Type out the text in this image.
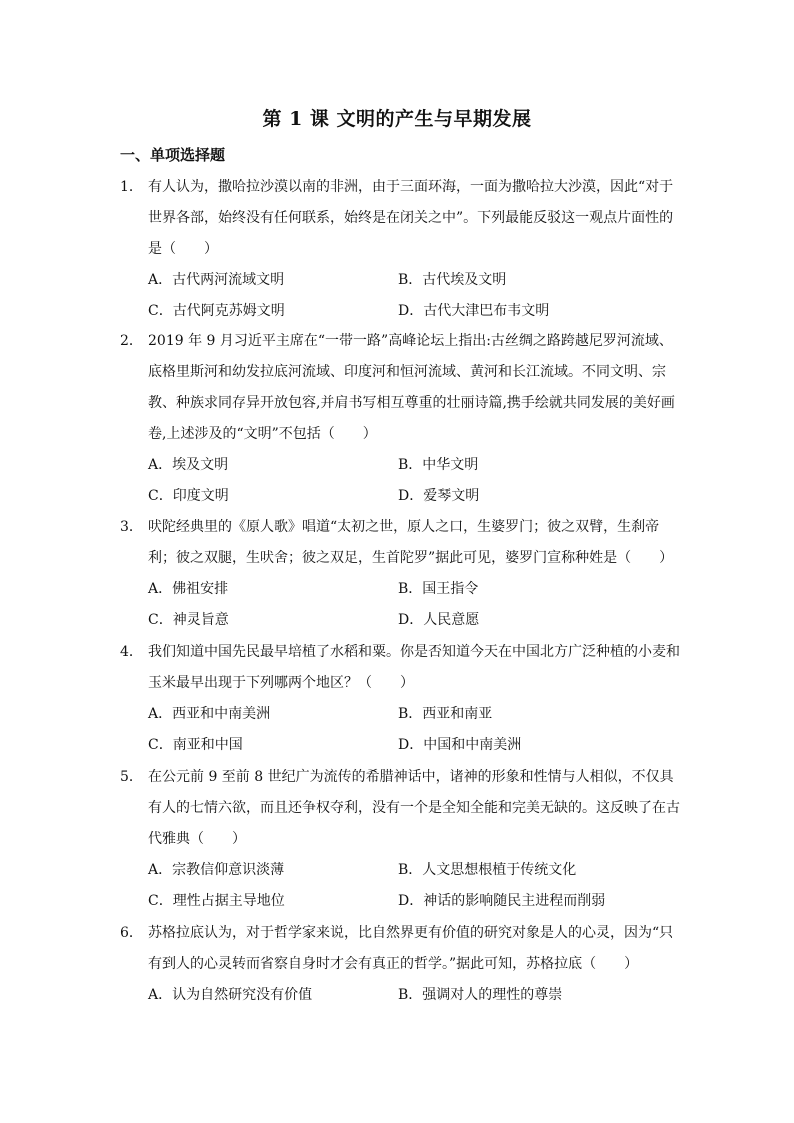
第 1 课 文明的产生与早期发展
一、单项选择题
1． 有人认为，撒哈拉沙漠以南的非洲，由于三面环海，一面为撒哈拉大沙漠，因此“对于世界各部，始终没有任何联系，始终是在闭关之中”。下列最能反驳这一观点片面性的是（　　）
A．古代两河流域文明	B．古代埃及文明
C．古代阿克苏姆文明	D．古代大津巴布韦文明
2． 2019 年 9 月习近平主席在“一带一路”高峰论坛上指出:古丝绸之路跨越尼罗河流域、底格里斯河和幼发拉底河流域、印度河和恒河流域、黄河和长江流域。不同文明、宗教、种族求同存异开放包容,并肩书写相互尊重的壮丽诗篇,携手绘就共同发展的美好画卷,上述涉及的“文明”不包括（　　）
A．埃及文明	B．中华文明
C．印度文明	D．爱琴文明
3． 吠陀经典里的《原人歌》唱道“太初之世，原人之口，生婆罗门；彼之双臂，生刹帝利；彼之双腿，生吠舍；彼之双足，生首陀罗”据此可见，婆罗门宣称种姓是（　　）
A．佛祖安排	B．国王指令
C．神灵旨意	D．人民意愿
4． 我们知道中国先民最早培植了水稻和粟。你是否知道今天在中国北方广泛种植的小麦和玉米最早出现于下列哪两个地区？（　　）
A．西亚和中南美洲	B．西亚和南亚
C．南亚和中国	D．中国和中南美洲
5． 在公元前 9 至前 8 世纪广为流传的希腊神话中，诸神的形象和性情与人相似，不仅具有人的七情六欲，而且还争权夺利，没有一个是全知全能和完美无缺的。这反映了在古代雅典（　　）
A．宗教信仰意识淡薄	B．人文思想根植于传统文化
C．理性占据主导地位	D．神话的影响随民主进程而削弱
6． 苏格拉底认为，对于哲学家来说，比自然界更有价值的研究对象是人的心灵，因为“只有到人的心灵转而省察自身时才会有真正的哲学。”据此可知，苏格拉底（　　）
A．认为自然研究没有价值	B．强调对人的理性的尊崇
